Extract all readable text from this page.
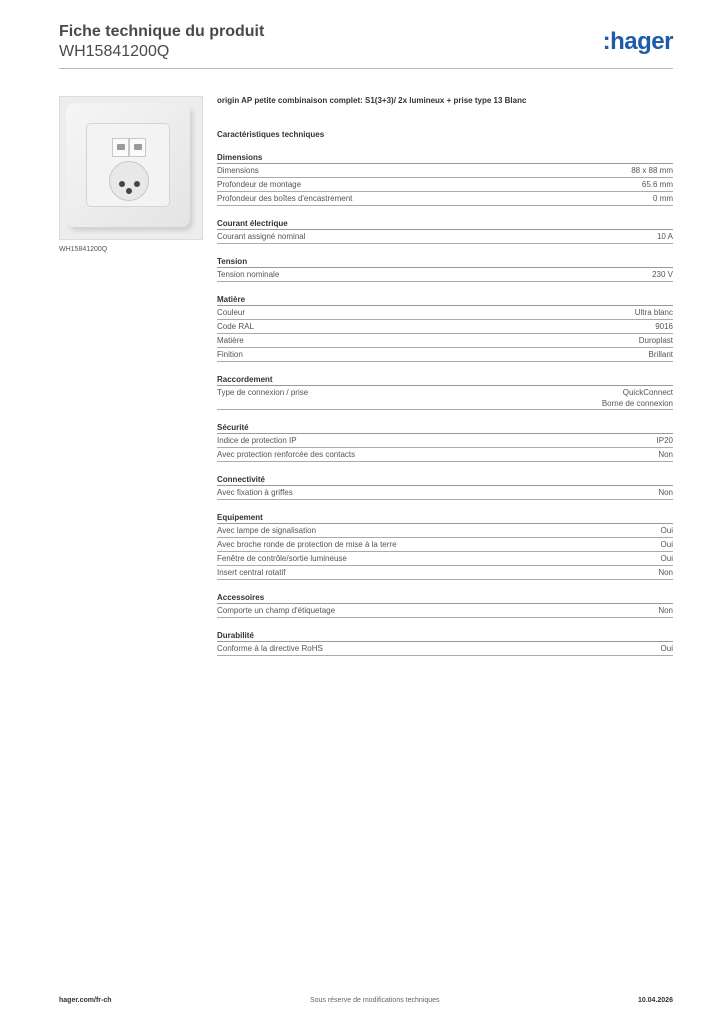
Fiche technique du produit
WH15841200Q	:hager
WH15841200Q
origin AP petite combinaison complet: S1(3+3)/ 2x lumineux + prise type 13 Blanc
Caractéristiques techniques
Dimensions
Dimensions	88 x 88 mm
Profondeur de montage	65.6 mm
Profondeur des boîtes d'encastrement	0 mm
Courant électrique
Courant assigné nominal	10 A
Tension
Tension nominale	230 V
Matière
Couleur	Ultra blanc
Code RAL	9016
Matière	Duroplast
Finition	Brillant
Raccordement
Type de connexion / prise	QuickConnect
Borne de connexion
Sécurité
Indice de protection IP	IP20
Avec protection renforcée des contacts	Non
Connectivité
Avec fixation à griffes	Non
Equipement
Avec lampe de signalisation	Oui
Avec broche ronde de protection de mise à la terre	Oui
Fenêtre de contrôle/sortie lumineuse	Oui
Insert central rotatif	Non
Accessoires
Comporte un champ d'étiquetage	Non
Durabilité
Conforme à la directive RoHS	Oui
hager.com/fr-ch	Sous réserve de modifications techniques	10.04.2026
